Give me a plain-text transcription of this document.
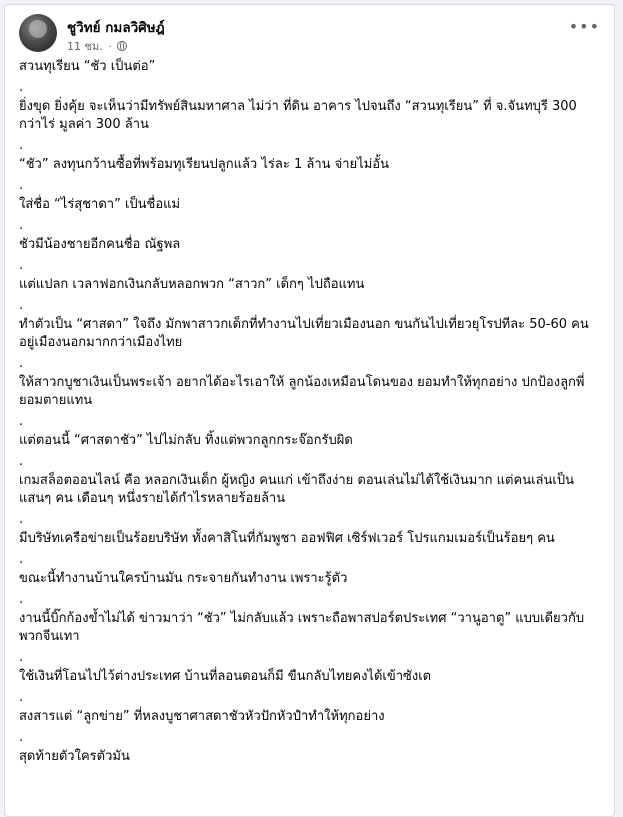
ชูวิทย์ กมลวิศิษฎ์
11 ชม. ·
•••

สวนทุเรียน “ชัว เป็นต่อ”

.

ยิ่งขุด ยิ่งคุ้ย จะเห็นว่ามีทรัพย์สินมหาศาล ไม่ว่า ที่ดิน อาคาร ไปจนถึง “สวนทุเรียน” ที่ จ.จันทบุรี 300 กว่าไร่ มูลค่า 300 ล้าน

.

“ชัว” ลงทุนกว้านซื้อที่พร้อมทุเรียนปลูกแล้ว ไร่ละ 1 ล้าน จ่ายไม่อั้น

.

ใส่ชื่อ “ไร่สุชาดา” เป็นชื่อแม่

.

ชัวมีน้องชายอีกคนชื่อ ณัฐพล

.

แต่แปลก เวลาฟอกเงินกลับหลอกพวก “สาวก” เด็กๆ ไปถือแทน

.

ทำตัวเป็น “ศาสดา” ใจถึง มักพาสาวกเด็กที่ทำงานไปเที่ยวเมืองนอก ขนกันไปเที่ยวยุโรปทีละ 50-60 คน อยู่เมืองนอกมากกว่าเมืองไทย

.

ให้สาวกบูชาเงินเป็นพระเจ้า อยากได้อะไรเอาให้ ลูกน้องเหมือนโดนของ ยอมทำให้ทุกอย่าง ปกป้องลูกพี่ยอมตายแทน

.

แต่ตอนนี้ “ศาสดาชัว” ไปไม่กลับ ทิ้งแต่พวกลูกกระจ๊อกรับผิด

.

เกมสล็อตออนไลน์ คือ หลอกเงินเด็ก ผู้หญิง คนแก่ เข้าถึงง่าย ตอนเล่นไม่ได้ใช้เงินมาก แต่คนเล่นเป็นแสนๆ คน เดือนๆ หนึ่งรายได้กำไรหลายร้อยล้าน

.

มีบริษัทเครือข่ายเป็นร้อยบริษัท ทั้งคาสิโนที่กัมพูชา ออฟฟิศ เซิร์ฟเวอร์ โปรแกมเมอร์เป็นร้อยๆ คน

.

ขณะนี้ทำงานบ้านใครบ้านมัน กระจายกันทำงาน เพราะรู้ตัว

.

งานนี้บิ๊กก้องข้ำไม่ได้ ข่าวมาว่า “ชัว” ไม่กลับแล้ว เพราะถือพาสปอร์ตประเทศ “วานูอาตู” แบบเดียวกับพวกจีนเทา

.

ใช้เงินที่โอนไปไว้ต่างประเทศ บ้านที่ลอนดอนก็มี ขืนกลับไทยคงได้เข้าซังเต

.

สงสารแต่ “ลูกข่าย” ที่หลงบูชาศาสดาชัวหัวปักหัวปำทำให้ทุกอย่าง

.

สุดท้ายตัวใครตัวมัน
